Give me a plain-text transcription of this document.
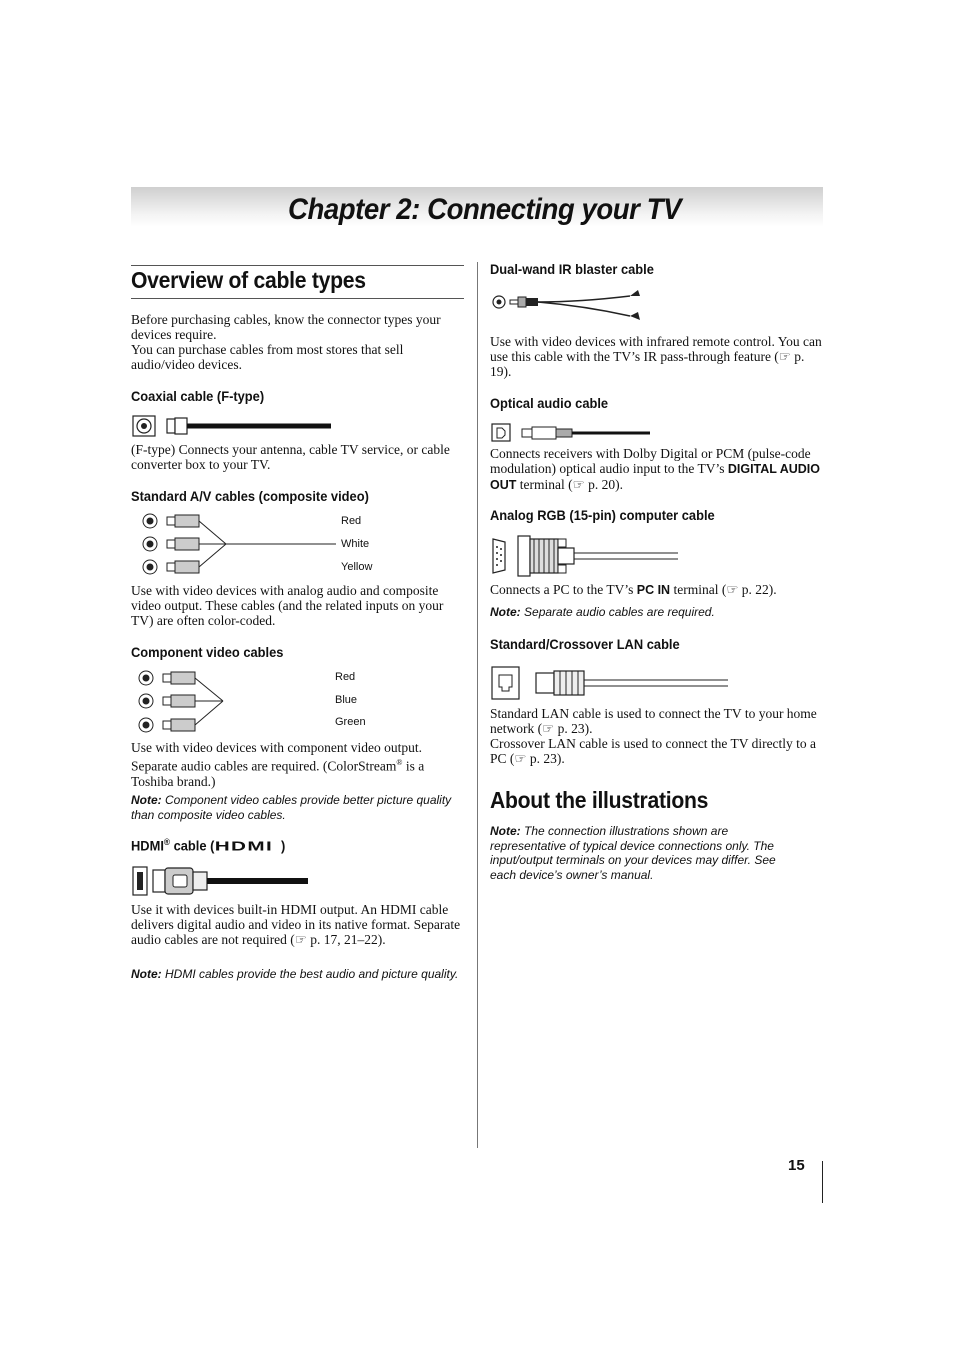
Chapter 2: Connecting your TV
Overview of cable types

Before purchasing cables, know the connector types your devices require.

You can purchase cables from most stores that sell audio/video devices.

Coaxial cable (F-type)

(F-type) Connects your antenna, cable TV service, or cable converter box to your TV.

Standard A/V cables (composite video)
Red
White
Yellow

Use with video devices with analog audio and composite video output. These cables (and the related inputs on your TV) are often color-coded.

Component video cables
Red
Blue
Green

Use with video devices with component video output. Separate audio cables are required. (ColorStream® is a Toshiba brand.)

Note: Component video cables provide better picture quality than composite video cables.

HDMI® cable (HDMI )

Use it with devices built-in HDMI output. An HDMI cable delivers digital audio and video in its native format. Separate audio cables are not required (☞ p. 17, 21–22).

Note: HDMI cables provide the best audio and picture quality.

Dual-wand IR blaster cable

Use with video devices with infrared remote control. You can use this cable with the TV’s IR pass-through feature (☞ p. 19).

Optical audio cable

Connects receivers with Dolby Digital or PCM (pulse-code modulation) optical audio input to the TV’s DIGITAL AUDIO OUT terminal (☞ p. 20).

Analog RGB (15-pin) computer cable

Connects a PC to the TV’s PC IN terminal (☞ p. 22).

Note: Separate audio cables are required.

Standard/Crossover LAN cable

Standard LAN cable is used to connect the TV to your home network (☞ p. 23).

Crossover LAN cable is used to connect the TV directly to a PC (☞ p. 23).

About the illustrations

Note: The connection illustrations shown are representative of typical device connections only. The input/output terminals on your devices may differ. See each device’s owner’s manual.

15
